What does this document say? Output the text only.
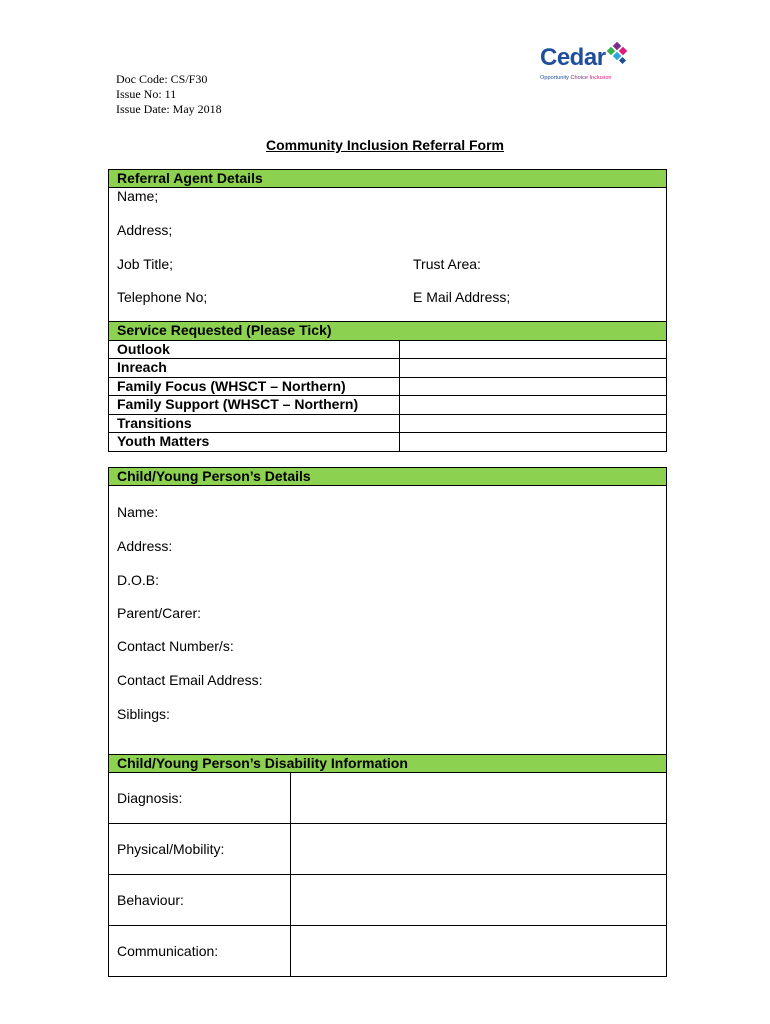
Doc Code: CS/F30
Issue No: 11
Issue Date: May 2018
Cedar
Opportunity Choice Inclusion
Community Inclusion Referral Form
Referral Agent Details
Name;
Address;
Job Title;	Trust Area:
Telephone No;	E Mail Address;
Service Requested (Please Tick)	
Outlook	
Inreach	
Family Focus (WHSCT – Northern)	
Family Support (WHSCT – Northern)	
Transitions	
Youth Matters	
Child/Young Person’s Details
Name:
Address:
D.O.B:
Parent/Carer:
Contact Number/s:
Contact Email Address:
Siblings:
Child/Young Person’s Disability Information	
Diagnosis:	
Physical/Mobility:	
Behaviour:	
Communication:	
